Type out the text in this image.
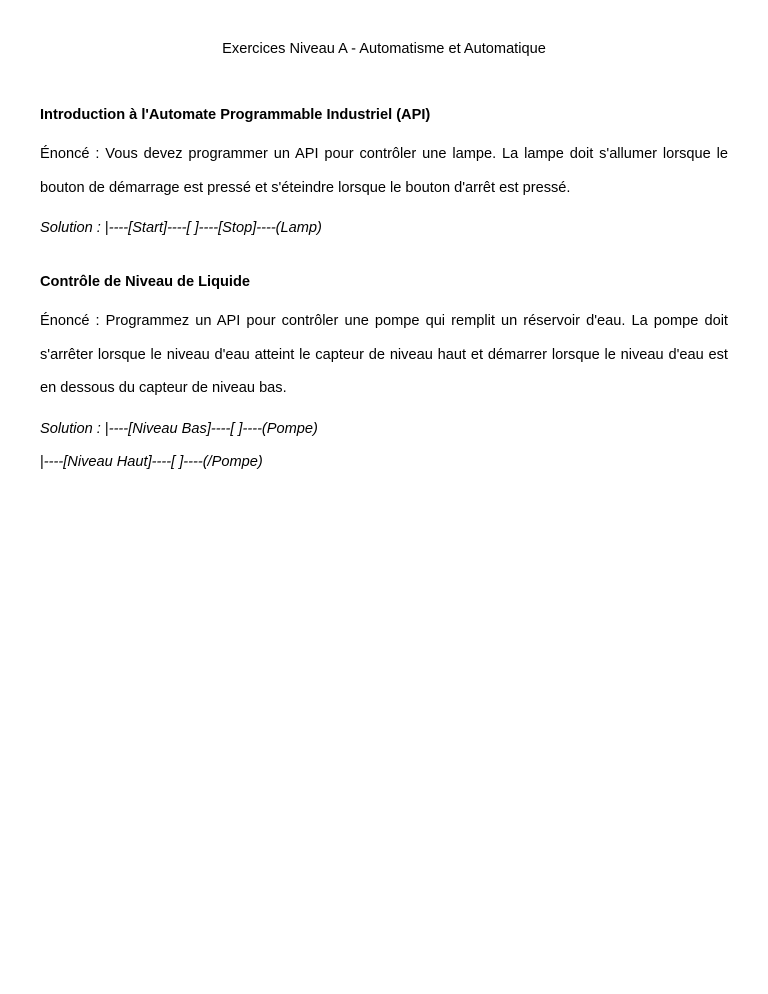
Exercices Niveau A - Automatisme et Automatique
Introduction à l'Automate Programmable Industriel (API)

Énoncé : Vous devez programmer un API pour contrôler une lampe. La lampe doit s'allumer lorsque le bouton de démarrage est pressé et s'éteindre lorsque le bouton d'arrêt est pressé.

Solution : |----[Start]----[ ]----[Stop]----(Lamp)

Contrôle de Niveau de Liquide

Énoncé : Programmez un API pour contrôler une pompe qui remplit un réservoir d'eau. La pompe doit s'arrêter lorsque le niveau d'eau atteint le capteur de niveau haut et démarrer lorsque le niveau d'eau est en dessous du capteur de niveau bas.

Solution : |----[Niveau Bas]----[ ]----(Pompe)

|----[Niveau Haut]----[ ]----(/Pompe)
